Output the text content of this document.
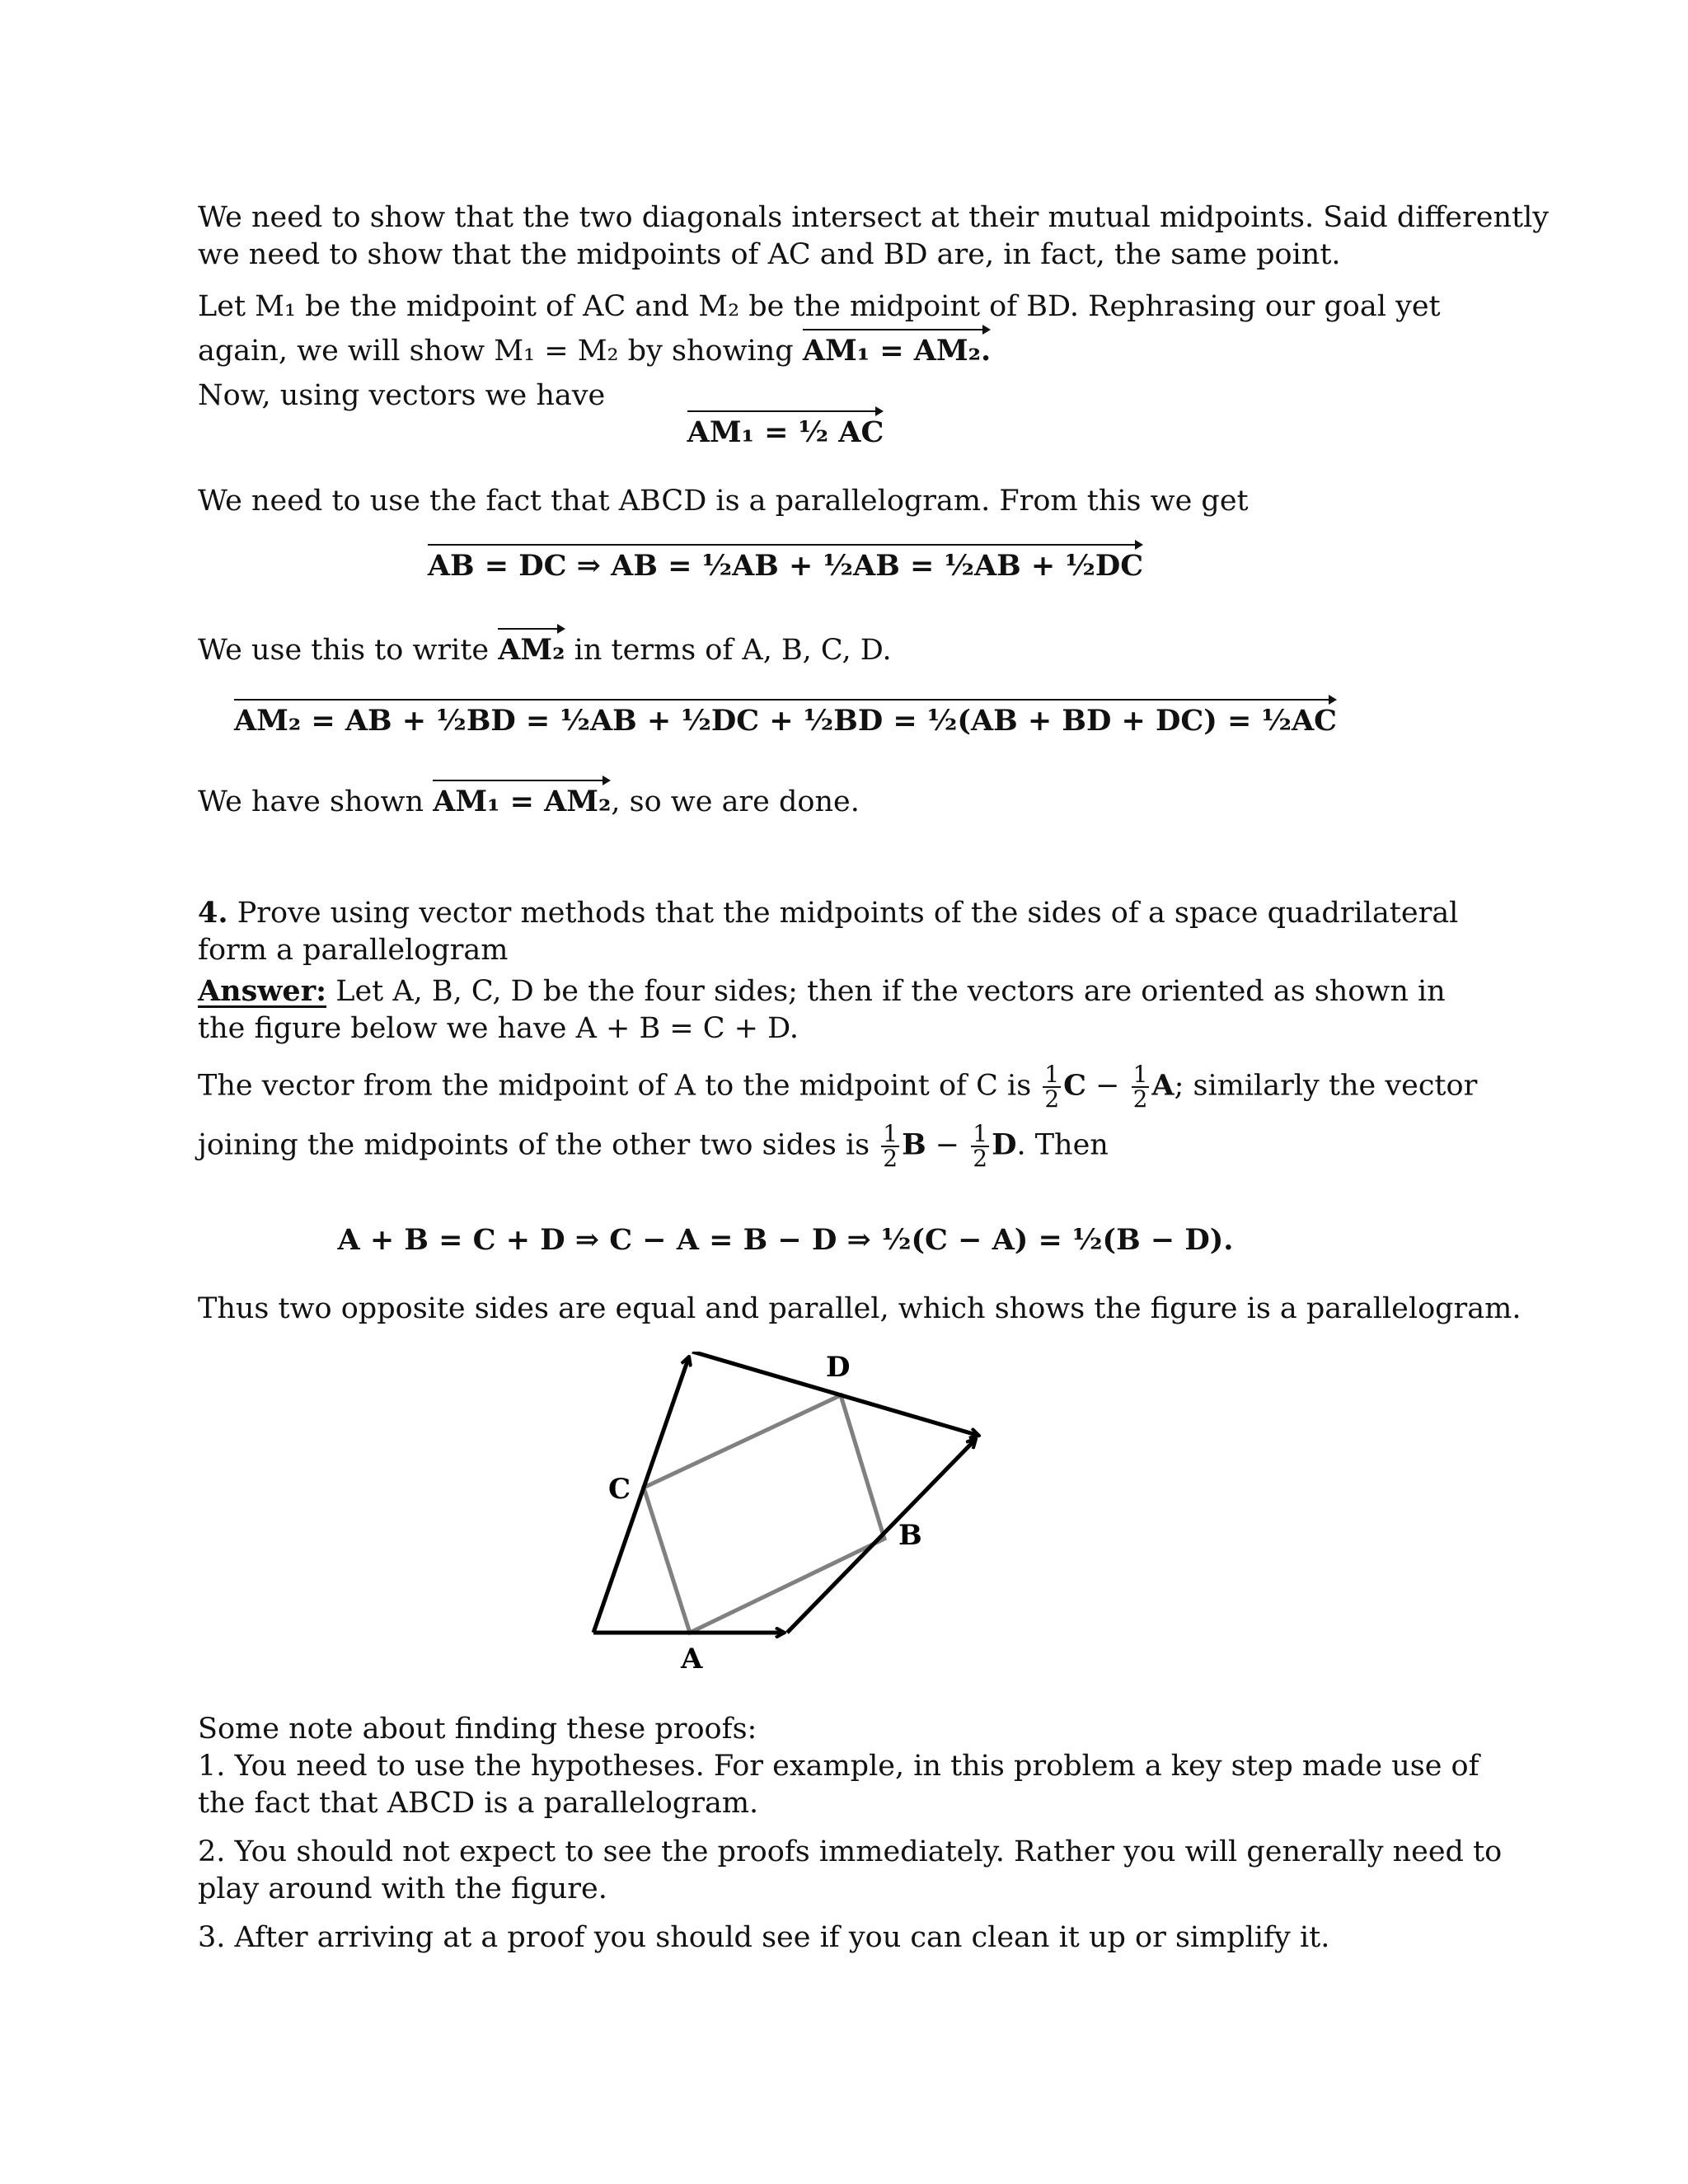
We need to show that the two diagonals intersect at their mutual midpoints. Said differently
we need to show that the midpoints of AC and BD are, in fact, the same point.
Let M₁ be the midpoint of AC and M₂ be the midpoint of BD. Rephrasing our goal yet
again, we will show M₁ = M₂ by showing AM₁ = AM₂.
Now, using vectors we have
AM₁ = ½ AC
We need to use the fact that ABCD is a parallelogram. From this we get
AB = DC ⇒ AB = ½AB + ½AB = ½AB + ½DC
We use this to write AM₂ in terms of A, B, C, D.
AM₂ = AB + ½BD = ½AB + ½DC + ½BD = ½(AB + BD + DC) = ½AC
We have shown AM₁ = AM₂, so we are done.
4. Prove using vector methods that the midpoints of the sides of a space quadrilateral
form a parallelogram
Answer: Let A, B, C, D be the four sides; then if the vectors are oriented as shown in
the figure below we have A + B = C + D.
The vector from the midpoint of A to the midpoint of C is $\frac{1}{2}$ $C - \frac{1}{2} A$; similarly the vector
joining the midpoints of the other two sides is $\frac{1}{2}$ $B - \frac{1}{2} D$. Then
A + B = C + D ⇒ C − A = B − D ⇒ ½(C − A) = ½(B − D).
Thus two opposite sides are equal and parallel, which shows the figure is a parallelogram.
D
C
B
A
Some note about finding these proofs:
1. You need to use the hypotheses. For example, in this problem a key step made use of
the fact that ABCD is a parallelogram.
2. You should not expect to see the proofs immediately. Rather you will generally need to
play around with the figure.
3. After arriving at a proof you should see if you can clean it up or simplify it.
